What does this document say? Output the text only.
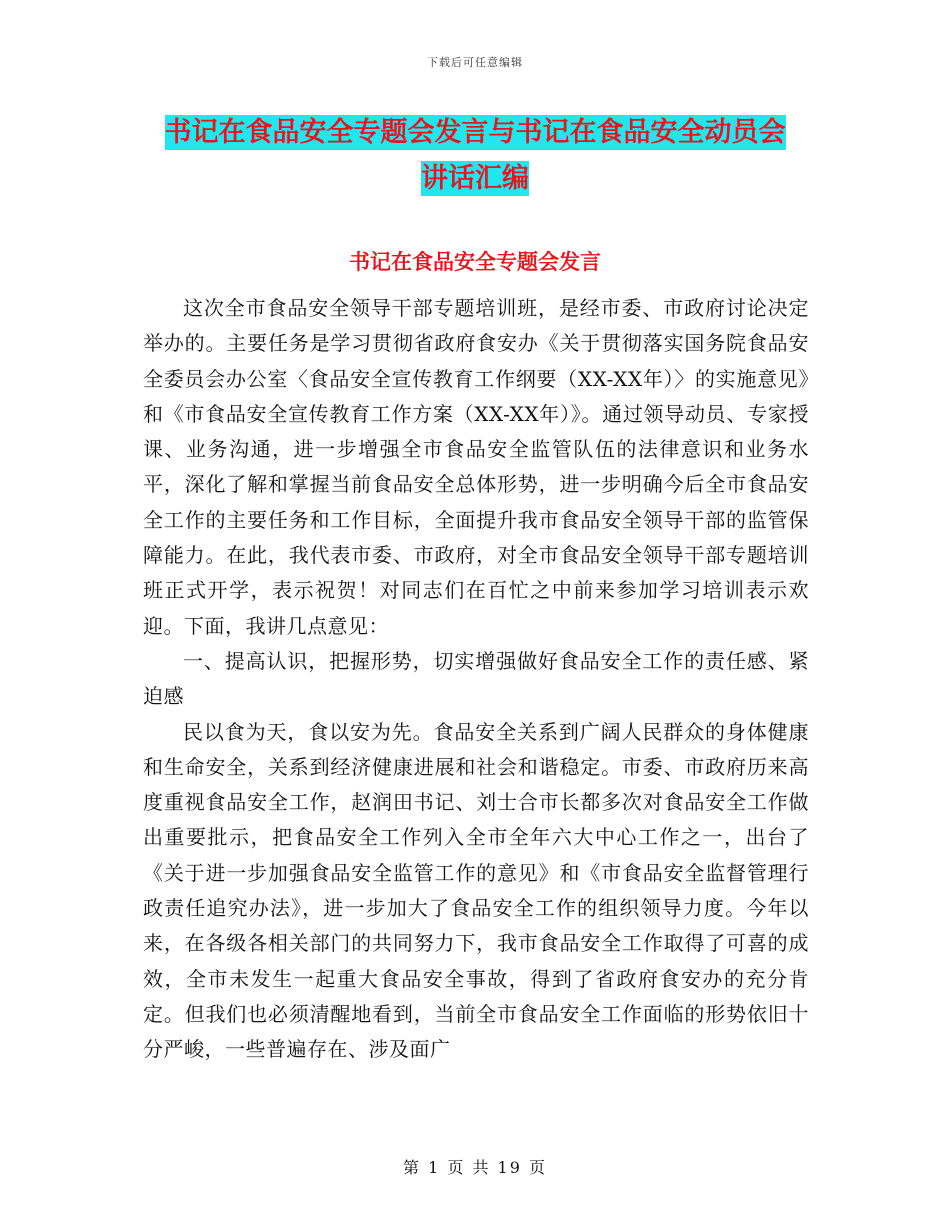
下载后可任意编辑
书记在食品安全专题会发言与书记在食品安全动员会
讲话汇编
书记在食品安全专题会发言

这次全市食品安全领导干部专题培训班，是经市委、市政府讨论决定举办的。主要任务是学习贯彻省政府食安办《关于贯彻落实国务院食品安全委员会办公室〈食品安全宣传教育工作纲要（XX-XX年）〉的实施意见》和《市食品安全宣传教育工作方案（XX-XX年）》。通过领导动员、专家授课、业务沟通，进一步增强全市食品安全监管队伍的法律意识和业务水平，深化了解和掌握当前食品安全总体形势，进一步明确今后全市食品安全工作的主要任务和工作目标，全面提升我市食品安全领导干部的监管保障能力。在此，我代表市委、市政府，对全市食品安全领导干部专题培训班正式开学，表示祝贺！对同志们在百忙之中前来参加学习培训表示欢迎。下面，我讲几点意见：

一、提高认识，把握形势，切实增强做好食品安全工作的责任感、紧迫感

民以食为天，食以安为先。食品安全关系到广阔人民群众的身体健康和生命安全，关系到经济健康进展和社会和谐稳定。市委、市政府历来高度重视食品安全工作，赵润田书记、刘士合市长都多次对食品安全工作做出重要批示，把食品安全工作列入全市全年六大中心工作之一，出台了《关于进一步加强食品安全监管工作的意见》和《市食品安全监督管理行政责任追究办法》，进一步加大了食品安全工作的组织领导力度。今年以来，在各级各相关部门的共同努力下，我市食品安全工作取得了可喜的成效，全市未发生一起重大食品安全事故，得到了省政府食安办的充分肯定。但我们也必须清醒地看到，当前全市食品安全工作面临的形势依旧十分严峻，一些普遍存在、涉及面广

第 1 页 共 19 页
